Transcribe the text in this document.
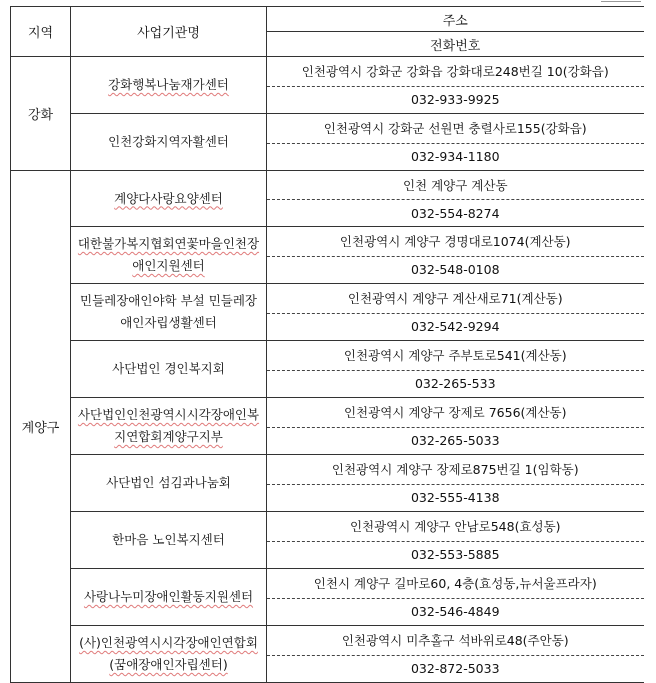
지역	사업기관명	주소
		전화번호
강화	강화행복나눔재가센터	인천광역시 강화군 강화읍 강화대로248번길 10(강화읍)
		032-933-9925

	인천강화지역자활센터	인천광역시 강화군 선원면 충렬사로155(강화읍)
		032-934-1180
계양구	계양다사랑요양센터	인천 계양구 계산동
		032-554-8274

	대한불가복지협회연꽃마을인천장애인지원센터	인천광역시 계양구 경명대로1074(계산동)
		032-548-0108

	민들레장애인야학 부설 민들레장애인자립생활센터	인천광역시 계양구 계산새로71(계산동)
		032-542-9294

	사단법인 경인복지회	인천광역시 계양구 주부토로541(계산동)
		032-265-533

	사단법인인천광역시시각장애인복지연합회계양구지부	인천광역시 계양구 장제로 7656(계산동)
		032-265-5033

	사단법인 섬김과나눔회	인천광역시 계양구 장제로875번길 1(임학동)
		032-555-4138

	한마음 노인복지센터	인천광역시 계양구 안남로548(효성동)
		032-553-5885

	사랑나누미장애인활동지원센터	인천시 계양구 길마로60, 4층(효성동,뉴서울프라자)
		032-546-4849

	(사)인천광역시시각장애인연합회(꿈애장애인자립센터)	인천광역시 미추홀구 석바위로48(주안동)
		032-872-5033
